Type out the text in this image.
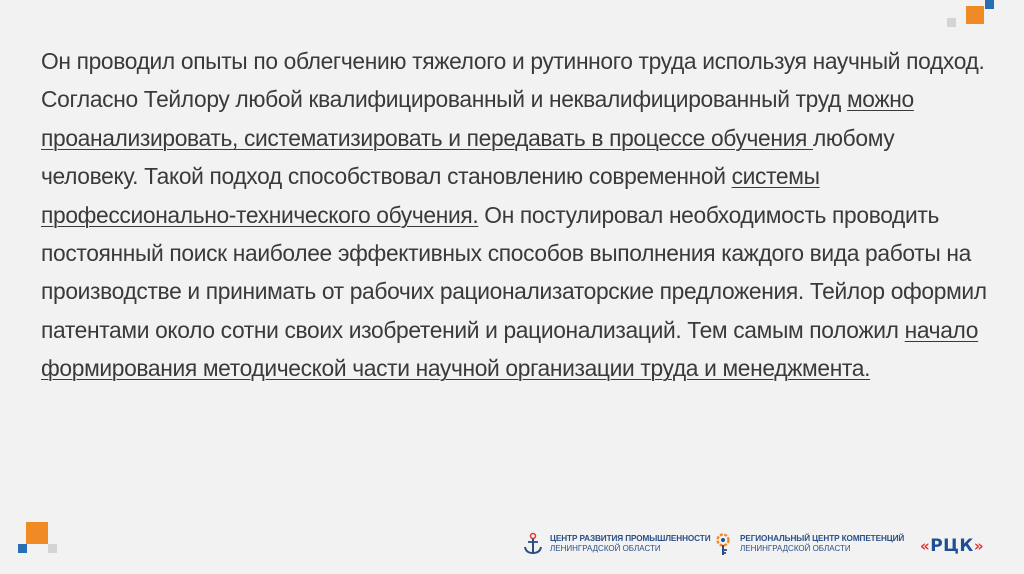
Он проводил опыты по облегчению тяжелого и рутинного труда используя научный подход. Согласно Тейлору любой квалифицированный и неквалифицированный труд можно проанализировать, систематизировать и передавать в процессе обучения любому человеку. Такой подход способствовал становлению современной системы профессионально-технического обучения. Он постулировал необходимость проводить постоянный поиск наиболее эффективных способов выполнения каждого вида работы на производстве и принимать от рабочих рационализаторские предложения. Тейлор оформил патентами около сотни своих изобретений и рационализаций. Тем самым положил начало формирования методической части научной организации труда и менеджмента.
ЦЕНТР РАЗВИТИЯ ПРОМЫШЛЕННОСТИ
ЛЕНИНГРАДСКОЙ ОБЛАСТИ
РЕГИОНАЛЬНЫЙ ЦЕНТР КОМПЕТЕНЦИЙ
ЛЕНИНГРАДСКОЙ ОБЛАСТИ	« РЦК »
